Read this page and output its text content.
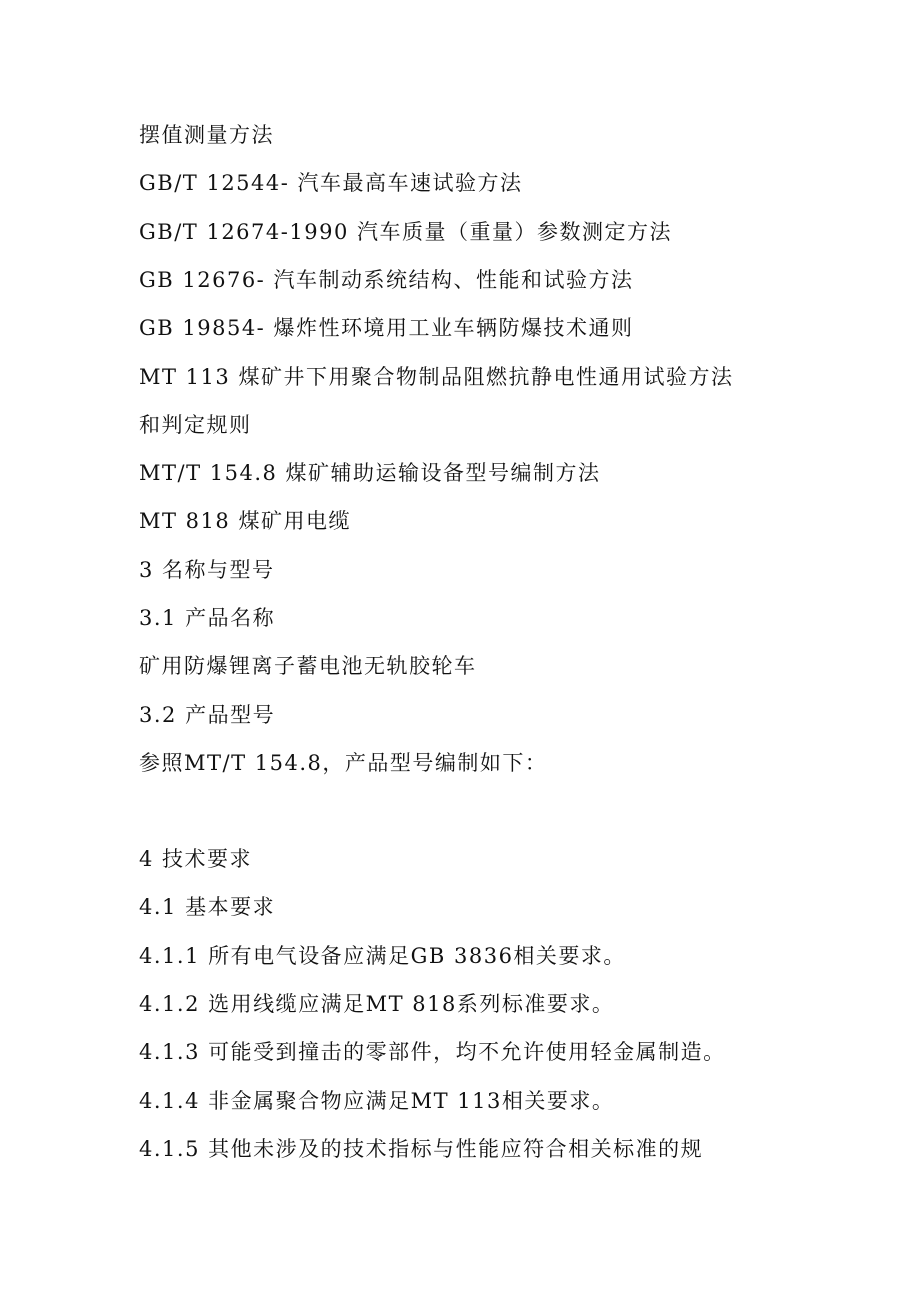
摆值测量方法
GB/T 12544- 汽车最高车速试验方法
GB/T 12674-1990 汽车质量（重量）参数测定方法
GB 12676- 汽车制动系统结构、性能和试验方法
GB 19854- 爆炸性环境用工业车辆防爆技术通则
MT 113 煤矿井下用聚合物制品阻燃抗静电性通用试验方法
和判定规则
MT/T 154.8 煤矿辅助运输设备型号编制方法
MT 818 煤矿用电缆
3 名称与型号
3.1 产品名称
矿用防爆锂离子蓄电池无轨胶轮车
3.2 产品型号
参照MT/T 154.8，产品型号编制如下：
4 技术要求
4.1 基本要求
4.1.1 所有电气设备应满足GB 3836相关要求。
4.1.2 选用线缆应满足MT 818系列标准要求。
4.1.3 可能受到撞击的零部件，均不允许使用轻金属制造。
4.1.4 非金属聚合物应满足MT 113相关要求。
4.1.5 其他未涉及的技术指标与性能应符合相关标准的规
